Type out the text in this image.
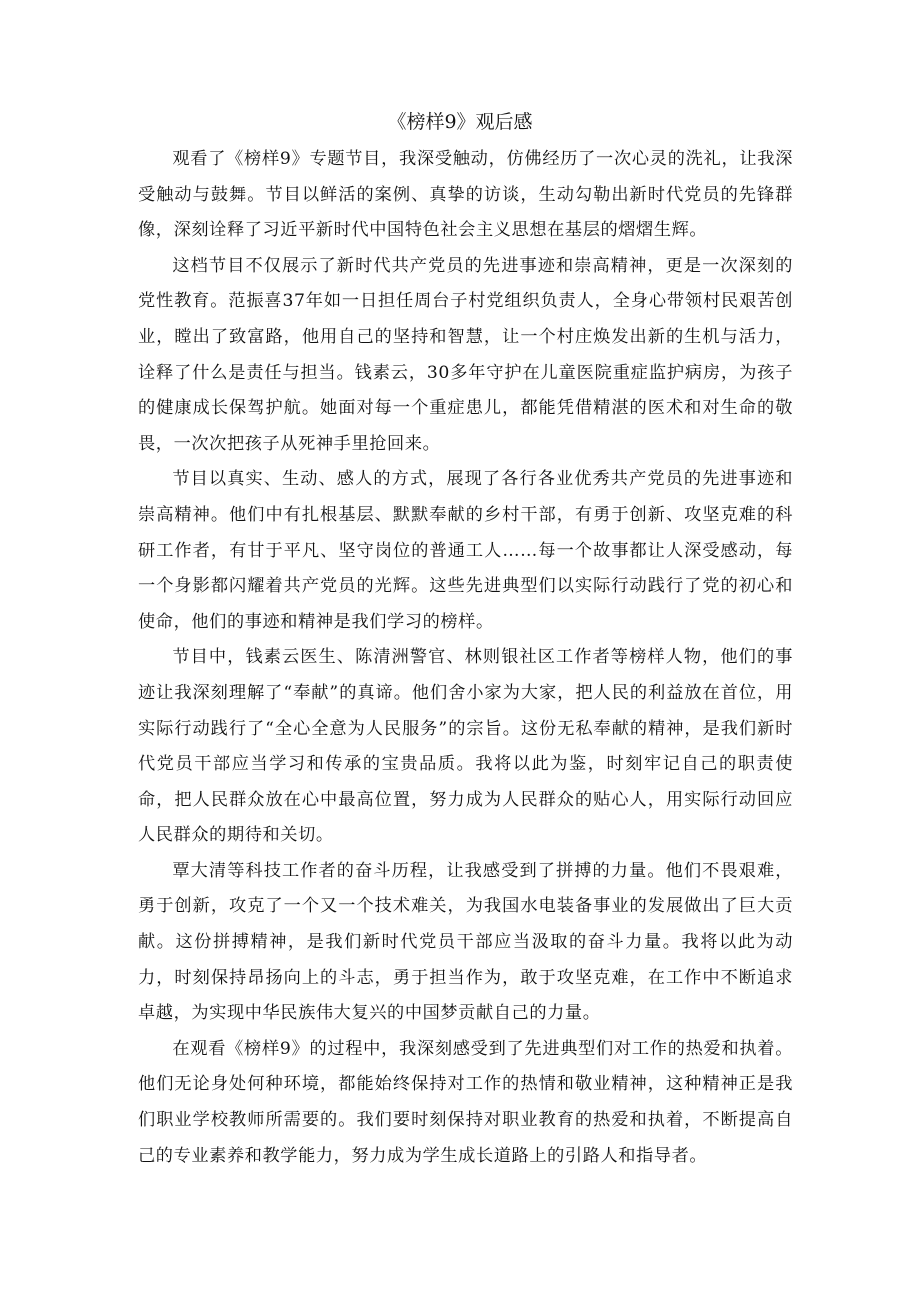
《榜样9》观后感

观看了《榜样9》专题节目，我深受触动，仿佛经历了一次心灵的洗礼，让我深受触动与鼓舞。节目以鲜活的案例、真挚的访谈，生动勾勒出新时代党员的先锋群像，深刻诠释了习近平新时代中国特色社会主义思想在基层的熠熠生辉。

这档节目不仅展示了新时代共产党员的先进事迹和崇高精神，更是一次深刻的党性教育。范振喜37年如一日担任周台子村党组织负责人，全身心带领村民艰苦创业，瞠出了致富路，他用自己的坚持和智慧，让一个村庄焕发出新的生机与活力，诠释了什么是责任与担当。钱素云，30多年守护在儿童医院重症监护病房，为孩子的健康成长保驾护航。她面对每一个重症患儿，都能凭借精湛的医术和对生命的敬畏，一次次把孩子从死神手里抢回来。

节目以真实、生动、感人的方式，展现了各行各业优秀共产党员的先进事迹和崇高精神。他们中有扎根基层、默默奉献的乡村干部，有勇于创新、攻坚克难的科研工作者，有甘于平凡、坚守岗位的普通工人……每一个故事都让人深受感动，每一个身影都闪耀着共产党员的光辉。这些先进典型们以实际行动践行了党的初心和使命，他们的事迹和精神是我们学习的榜样。

节目中，钱素云医生、陈清洲警官、林则银社区工作者等榜样人物，他们的事迹让我深刻理解了“奉献”的真谛。他们舍小家为大家，把人民的利益放在首位，用实际行动践行了“全心全意为人民服务”的宗旨。这份无私奉献的精神，是我们新时代党员干部应当学习和传承的宝贵品质。我将以此为鉴，时刻牢记自己的职责使命，把人民群众放在心中最高位置，努力成为人民群众的贴心人，用实际行动回应人民群众的期待和关切。

覃大清等科技工作者的奋斗历程，让我感受到了拼搏的力量。他们不畏艰难，勇于创新，攻克了一个又一个技术难关，为我国水电装备事业的发展做出了巨大贡献。这份拼搏精神，是我们新时代党员干部应当汲取的奋斗力量。我将以此为动力，时刻保持昂扬向上的斗志，勇于担当作为，敢于攻坚克难，在工作中不断追求卓越，为实现中华民族伟大复兴的中国梦贡献自己的力量。

在观看《榜样9》的过程中，我深刻感受到了先进典型们对工作的热爱和执着。他们无论身处何种环境，都能始终保持对工作的热情和敬业精神，这种精神正是我们职业学校教师所需要的。我们要时刻保持对职业教育的热爱和执着，不断提高自己的专业素养和教学能力，努力成为学生成长道路上的引路人和指导者。
